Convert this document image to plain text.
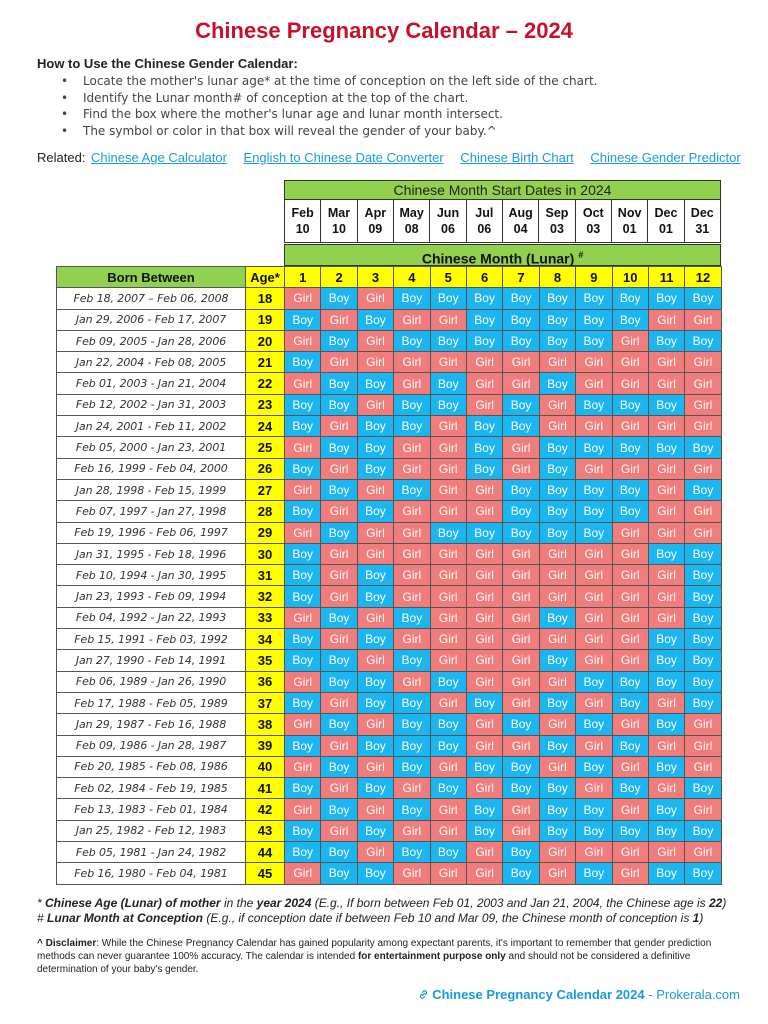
Chinese Pregnancy Calendar – 2024
How to Use the Chinese Gender Calendar:
• Locate the mother's lunar age* at the time of conception on the left side of the chart.
• Identify the Lunar month# of conception at the top of the chart.
• Find the box where the mother's lunar age and lunar month intersect.
• The symbol or color in that box will reveal the gender of your baby.^
Related: Chinese Age Calculator English to Chinese Date Converter Chinese Birth Chart Chinese Gender Predictor
Chinese Month Start Dates in 2024
Feb
10
Mar
10
Apr
09
May
08
Jun
06
Jul
06
Aug
04
Sep
03
Oct
03
Nov
01
Dec
01
Dec
31
Chinese Month (Lunar) #
Born Between	Age*	1	2	3	4	5	6	7	8	9	10	11	12
Feb 18, 2007 – Feb 06, 2008	18	Girl	Boy	Girl	Boy	Boy	Boy	Boy	Boy	Boy	Boy	Boy	Boy
Jan 29, 2006 - Feb 17, 2007	19	Boy	Girl	Boy	Girl	Girl	Boy	Boy	Boy	Boy	Boy	Girl	Girl
Feb 09, 2005 - Jan 28, 2006	20	Girl	Boy	Girl	Boy	Boy	Boy	Boy	Boy	Boy	Girl	Boy	Boy
Jan 22, 2004 - Feb 08, 2005	21	Boy	Girl	Girl	Girl	Girl	Girl	Girl	Girl	Girl	Girl	Girl	Girl
Feb 01, 2003 - Jan 21, 2004	22	Girl	Boy	Boy	Girl	Boy	Girl	Girl	Boy	Girl	Girl	Girl	Girl
Feb 12, 2002 - Jan 31, 2003	23	Boy	Boy	Girl	Boy	Boy	Girl	Boy	Girl	Boy	Boy	Boy	Girl
Jan 24, 2001 - Feb 11, 2002	24	Boy	Girl	Boy	Boy	Girl	Boy	Boy	Girl	Girl	Girl	Girl	Girl
Feb 05, 2000 - Jan 23, 2001	25	Girl	Boy	Boy	Girl	Girl	Boy	Girl	Boy	Boy	Boy	Boy	Boy
Feb 16, 1999 - Feb 04, 2000	26	Boy	Girl	Boy	Girl	Girl	Boy	Girl	Boy	Girl	Girl	Girl	Girl
Jan 28, 1998 - Feb 15, 1999	27	Girl	Boy	Girl	Boy	Girl	Girl	Boy	Boy	Boy	Boy	Girl	Boy
Feb 07, 1997 - Jan 27, 1998	28	Boy	Girl	Boy	Girl	Girl	Girl	Boy	Boy	Boy	Boy	Girl	Girl
Feb 19, 1996 - Feb 06, 1997	29	Girl	Boy	Girl	Girl	Boy	Boy	Boy	Boy	Boy	Girl	Girl	Girl
Jan 31, 1995 - Feb 18, 1996	30	Boy	Girl	Girl	Girl	Girl	Girl	Girl	Girl	Girl	Girl	Boy	Boy
Feb 10, 1994 - Jan 30, 1995	31	Boy	Girl	Boy	Girl	Girl	Girl	Girl	Girl	Girl	Girl	Girl	Boy
Jan 23, 1993 - Feb 09, 1994	32	Boy	Girl	Boy	Girl	Girl	Girl	Girl	Girl	Girl	Girl	Girl	Boy
Feb 04, 1992 - Jan 22, 1993	33	Girl	Boy	Girl	Boy	Girl	Girl	Girl	Boy	Girl	Girl	Girl	Boy
Feb 15, 1991 - Feb 03, 1992	34	Boy	Girl	Boy	Girl	Girl	Girl	Girl	Girl	Girl	Girl	Boy	Boy
Jan 27, 1990 - Feb 14, 1991	35	Boy	Boy	Girl	Boy	Girl	Girl	Girl	Boy	Girl	Girl	Boy	Boy
Feb 06, 1989 - Jan 26, 1990	36	Girl	Boy	Boy	Girl	Boy	Girl	Girl	Girl	Boy	Boy	Boy	Boy
Feb 17, 1988 - Feb 05, 1989	37	Boy	Girl	Boy	Boy	Girl	Boy	Girl	Boy	Girl	Boy	Girl	Boy
Jan 29, 1987 - Feb 16, 1988	38	Girl	Boy	Girl	Boy	Boy	Girl	Boy	Girl	Boy	Girl	Boy	Girl
Feb 09, 1986 - Jan 28, 1987	39	Boy	Girl	Boy	Boy	Boy	Girl	Girl	Boy	Girl	Boy	Girl	Girl
Feb 20, 1985 - Feb 08, 1986	40	Girl	Boy	Girl	Boy	Girl	Boy	Boy	Girl	Boy	Girl	Boy	Girl
Feb 02, 1984 - Feb 19, 1985	41	Boy	Girl	Boy	Girl	Boy	Girl	Boy	Boy	Girl	Boy	Girl	Boy
Feb 13, 1983 - Feb 01, 1984	42	Girl	Boy	Girl	Boy	Girl	Boy	Girl	Boy	Boy	Girl	Boy	Girl
Jan 25, 1982 - Feb 12, 1983	43	Boy	Girl	Boy	Girl	Girl	Boy	Girl	Boy	Boy	Boy	Boy	Boy
Feb 05, 1981 - Jan 24, 1982	44	Boy	Boy	Girl	Boy	Boy	Girl	Boy	Girl	Girl	Girl	Girl	Girl
Feb 16, 1980 - Feb 04, 1981	45	Girl	Boy	Boy	Girl	Girl	Girl	Boy	Girl	Boy	Girl	Boy	Boy
* Chinese Age (Lunar) of mother in the year 2024 (E.g., If born between Feb 01, 2003 and Jan 21, 2004, the Chinese age is 22)
# Lunar Month at Conception (E.g., if conception date if between Feb 10 and Mar 09, the Chinese month of conception is 1)
^ Disclaimer: While the Chinese Pregnancy Calendar has gained popularity among expectant parents, it's important to remember that gender prediction methods can never guarantee 100% accuracy. The calendar is intended for entertainment purpose only and should not be considered a definitive determination of your baby's gender.
Chinese Pregnancy Calendar 2024 - Prokerala.com
